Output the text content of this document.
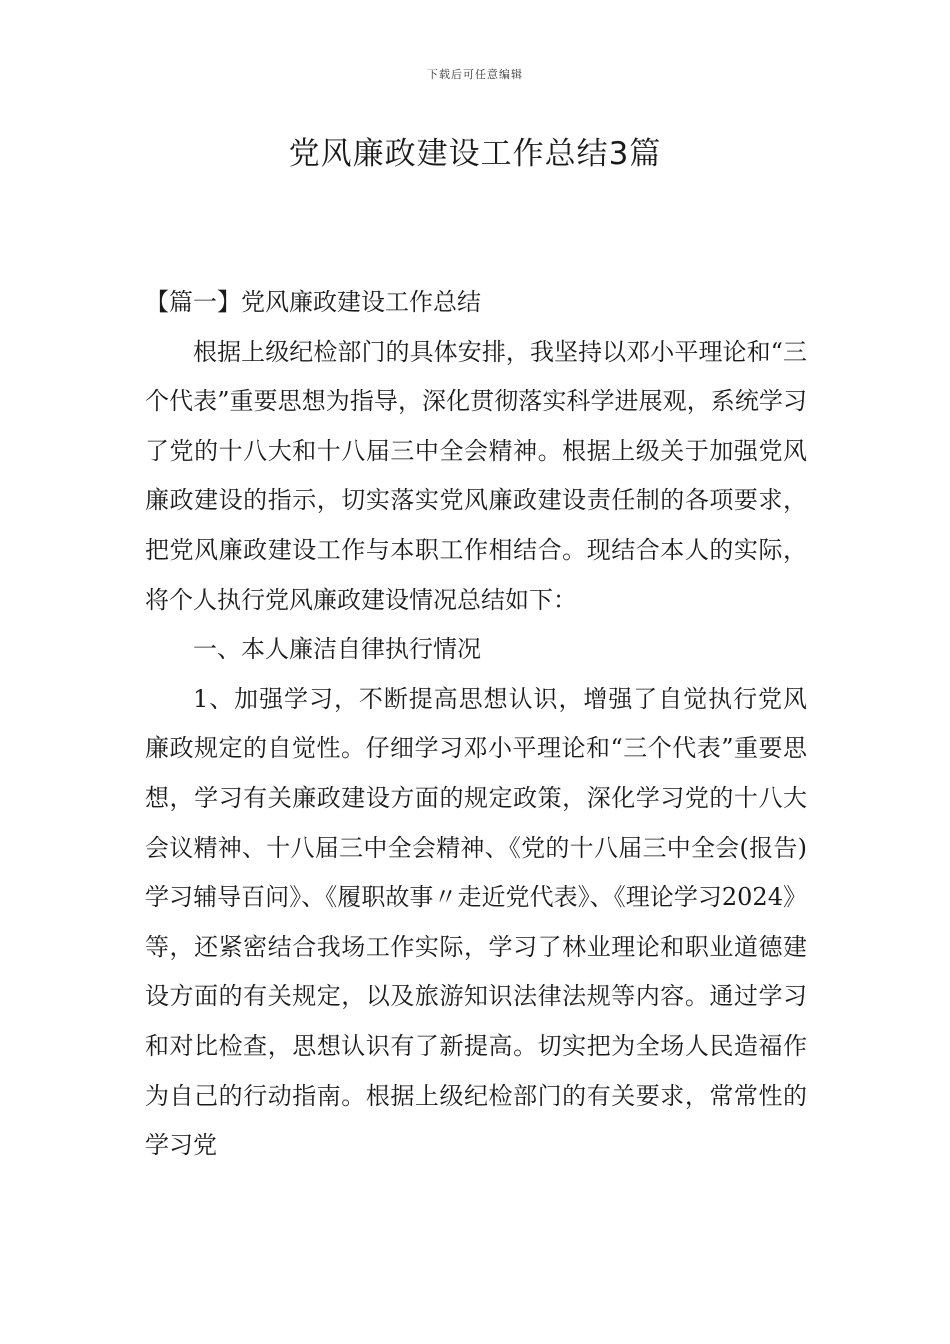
下载后可任意编辑
党风廉政建设工作总结3篇

【篇一】党风廉政建设工作总结

根据上级纪检部门的具体安排，我坚持以邓小平理论和“三个代表”重要思想为指导，深化贯彻落实科学进展观，系统学习了党的十八大和十八届三中全会精神。根据上级关于加强党风廉政建设的指示，切实落实党风廉政建设责任制的各项要求，把党风廉政建设工作与本职工作相结合。现结合本人的实际，将个人执行党风廉政建设情况总结如下：

一、本人廉洁自律执行情况

1、加强学习，不断提高思想认识，增强了自觉执行党风廉政规定的自觉性。仔细学习邓小平理论和“三个代表”重要思想，学习有关廉政建设方面的规定政策，深化学习党的十八大会议精神、十八届三中全会精神、《党的十八届三中全会(报告)学习辅导百问》、《履职故事〃走近党代表》、《理论学习2024》等，还紧密结合我场工作实际，学习了林业理论和职业道德建设方面的有关规定，以及旅游知识法律法规等内容。通过学习和对比检查，思想认识有了新提高。切实把为全场人民造福作为自己的行动指南。根据上级纪检部门的有关要求，常常性的学习党
